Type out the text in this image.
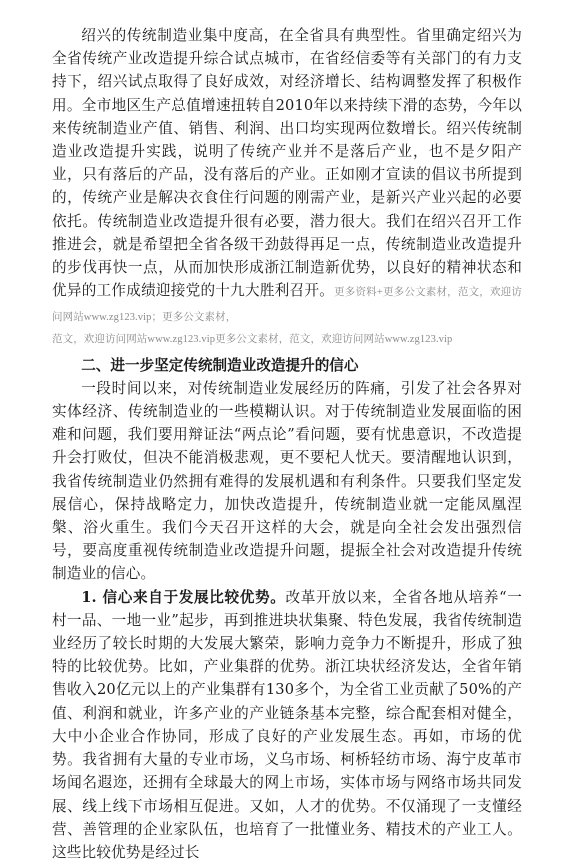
绍兴的传统制造业集中度高，在全省具有典型性。省里确定绍兴为全省传统产业改造提升综合试点城市，在省经信委等有关部门的有力支持下，绍兴试点取得了良好成效，对经济增长、结构调整发挥了积极作用。全市地区生产总值增速扭转自2010年以来持续下滑的态势，今年以来传统制造业产值、销售、利润、出口均实现两位数增长。绍兴传统制造业改造提升实践，说明了传统产业并不是落后产业，也不是夕阳产业，只有落后的产品，没有落后的产业。正如刚才宣读的倡议书所提到的，传统产业是解决衣食住行问题的刚需产业，是新兴产业兴起的必要依托。传统制造业改造提升很有必要，潜力很大。我们在绍兴召开工作推进会，就是希望把全省各级干劲鼓得再足一点，传统制造业改造提升的步伐再快一点，从而加快形成浙江制造新优势，以良好的精神状态和优异的工作成绩迎接党的十九大胜利召开。更多资料+更多公文素材，范文，欢迎访问网站www.zg123.vip；更多公文素材，

范文，欢迎访问网站www.zg123.vip更多公文素材，范文，欢迎访问网站www.zg123.vip

二、进一步坚定传统制造业改造提升的信心

一段时间以来，对传统制造业发展经历的阵痛，引发了社会各界对实体经济、传统制造业的一些模糊认识。对于传统制造业发展面临的困难和问题，我们要用辩证法“两点论”看问题，要有忧患意识，不改造提升会打败仗，但决不能消极悲观，更不要杞人忧天。要清醒地认识到，我省传统制造业仍然拥有难得的发展机遇和有利条件。只要我们坚定发展信心，保持战略定力，加快改造提升，传统制造业就一定能凤凰涅槃、浴火重生。我们今天召开这样的大会，就是向全社会发出强烈信号，要高度重视传统制造业改造提升问题，提振全社会对改造提升传统制造业的信心。

1. 信心来自于发展比较优势。改革开放以来，全省各地从培养“一村一品、一地一业”起步，再到推进块状集聚、特色发展，我省传统制造业经历了较长时期的大发展大繁荣，影响力竞争力不断提升，形成了独特的比较优势。比如，产业集群的优势。浙江块状经济发达，全省年销售收入20亿元以上的产业集群有130多个，为全省工业贡献了50%的产值、利润和就业，许多产业的产业链条基本完整，综合配套相对健全，大中小企业合作协同，形成了良好的产业发展生态。再如，市场的优势。我省拥有大量的专业市场，义乌市场、柯桥轻纺市场、海宁皮革市场闻名遐迩，还拥有全球最大的网上市场，实体市场与网络市场共同发展、线上线下市场相互促进。又如，人才的优势。不仅涌现了一支懂经营、善管理的企业家队伍，也培育了一批懂业务、精技术的产业工人。这些比较优势是经过长
